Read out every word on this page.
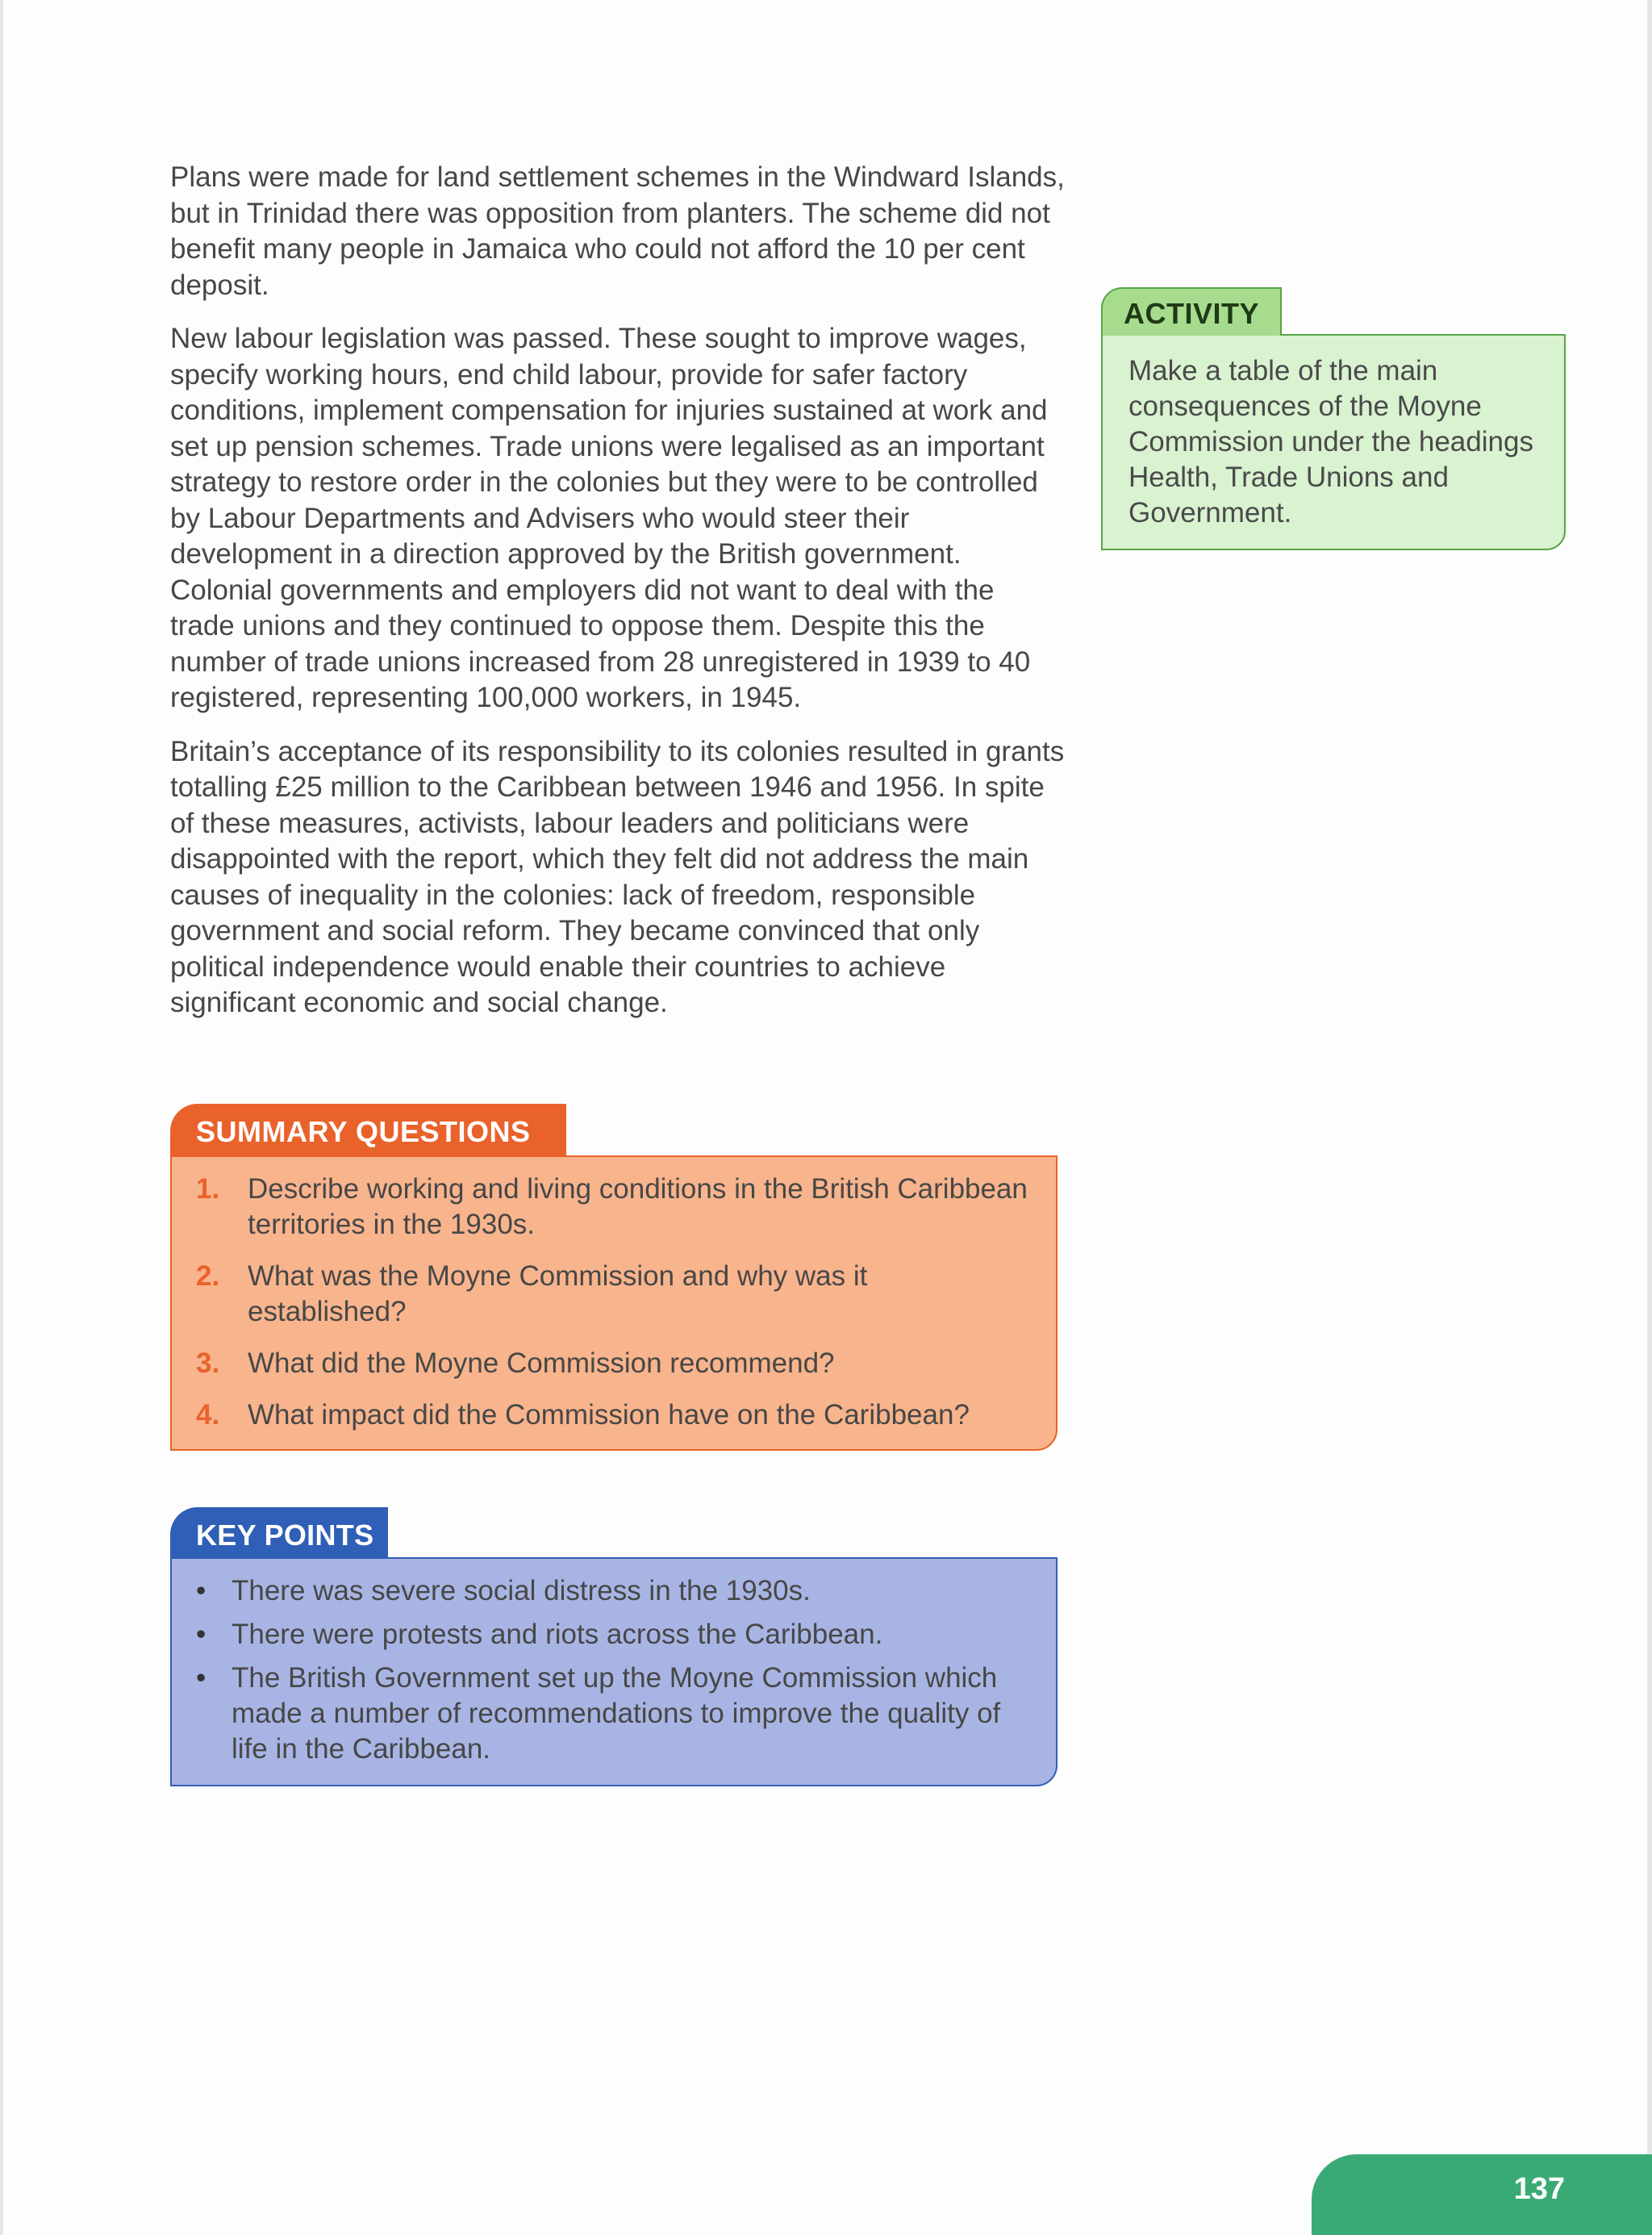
Plans were made for land settlement schemes in the Windward Islands, but in Trinidad there was opposition from planters. The scheme did not benefit many people in Jamaica who could not afford the 10 per cent deposit.

New labour legislation was passed. These sought to improve wages, specify working hours, end child labour, provide for safer factory conditions, implement compensation for injuries sustained at work and set up pension schemes. Trade unions were legalised as an important strategy to restore order in the colonies but they were to be controlled by Labour Departments and Advisers who would steer their development in a direction approved by the British government. Colonial governments and employers did not want to deal with the trade unions and they continued to oppose them. Despite this the number of trade unions increased from 28 unregistered in 1939 to 40 registered, representing 100,000 workers, in 1945.

Britain’s acceptance of its responsibility to its colonies resulted in grants totalling £25 million to the Caribbean between 1946 and 1956. In spite of these measures, activists, labour leaders and politicians were disappointed with the report, which they felt did not address the main causes of inequality in the colonies: lack of freedom, responsible government and social reform. They became convinced that only political independence would enable their countries to achieve significant economic and social change.

ACTIVITY
Make a table of the main consequences of the Moyne Commission under the headings Health, Trade Unions and Government.
SUMMARY QUESTIONS
1. Describe working and living conditions in the British Caribbean territories in the 1930s.
2. What was the Moyne Commission and why was it established?
3. What did the Moyne Commission recommend?
4. What impact did the Commission have on the Caribbean?
KEY POINTS
• There was severe social distress in the 1930s.
• There were protests and riots across the Caribbean.
• The British Government set up the Moyne Commission which made a number of recommendations to improve the quality of life in the Caribbean.
137
